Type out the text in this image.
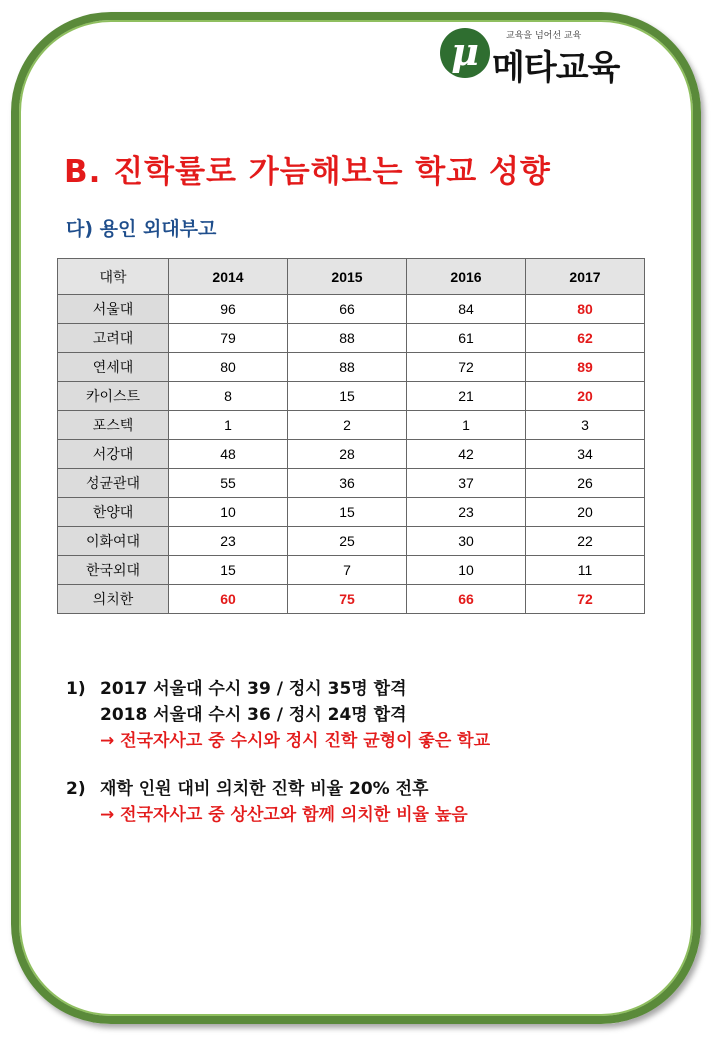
μ	교육을 넘어선 교육
메타교육
B. 진학률로 가늠해보는 학교 성향
다) 용인 외대부고
대학	2014	2015	2016	2017
서울대	96	66	84	80
고려대	79	88	61	62
연세대	80	88	72	89
카이스트	8	15	21	20
포스텍	1	2	1	3
서강대	48	28	42	34
성균관대	55	36	37	26
한양대	10	15	23	20
이화여대	23	25	30	22
한국외대	15	7	10	11
의치한	60	75	66	72
1) 2017 서울대 수시 39 / 정시 35명 합격
2018 서울대 수시 36 / 정시 24명 합격
→ 전국자사고 중 수시와 정시 진학 균형이 좋은 학교
2) 재학 인원 대비 의치한 진학 비율 20% 전후
→ 전국자사고 중 상산고와 함께 의치한 비율 높음
